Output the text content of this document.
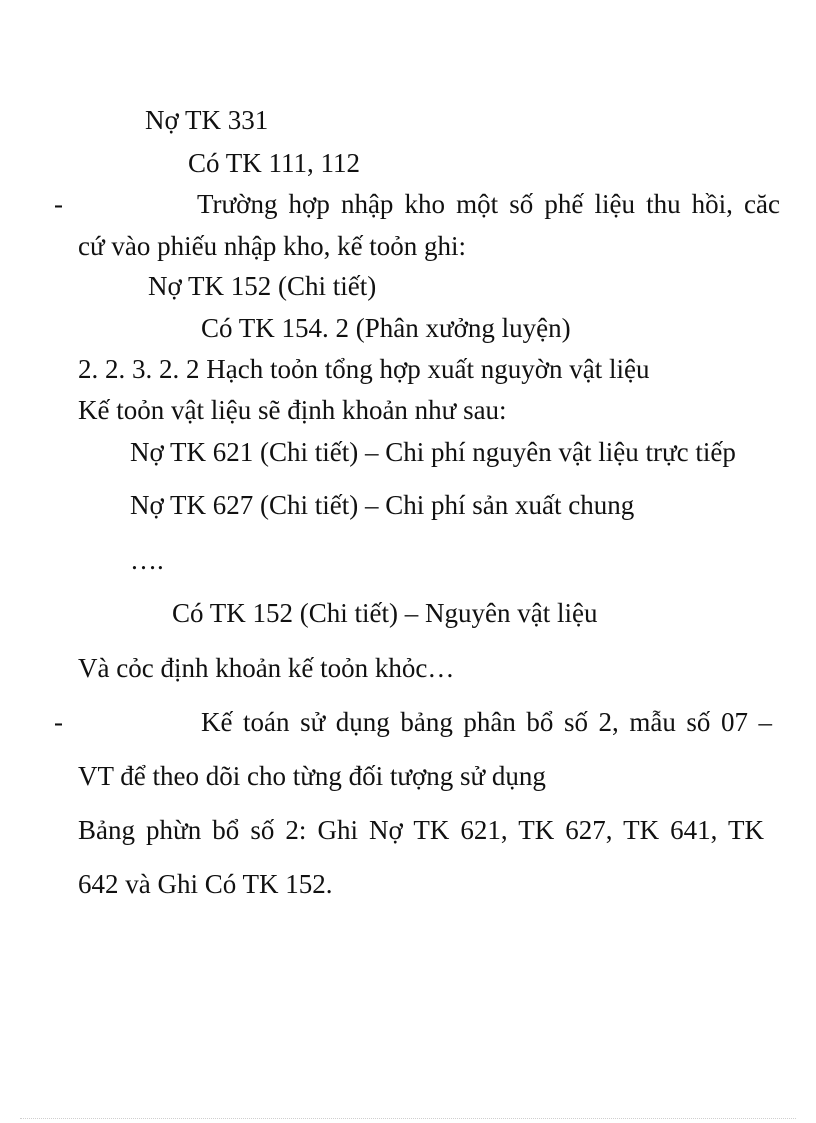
Nợ TK 331
Có TK 111, 112
-	Trường hợp nhập kho một số phế liệu thu hồi, căc
cứ vào phiếu nhập kho, kế toỏn ghi:
Nợ TK 152 (Chi tiết)
Có TK 154. 2 (Phân xưởng luyện)
2. 2. 3. 2. 2 Hạch toỏn tổng hợp xuất nguyờn vật liệu
Kế toỏn vật liệu sẽ định khoản như sau:
Nợ TK 621 (Chi tiết) – Chi phí nguyên vật liệu trực tiếp
Nợ TK 627 (Chi tiết) – Chi phí sản xuất chung
….
Có TK 152 (Chi tiết) – Nguyên vật liệu
Và cỏc định khoản kế toỏn khỏc…
-	Kế toán sử dụng bảng phân bổ số 2, mẫu số 07 –
VT để theo dõi cho từng đối tượng sử dụng
Bảng phừn bổ số 2: Ghi Nợ TK 621, TK 627, TK 641, TK
642 và Ghi Có TK 152.
